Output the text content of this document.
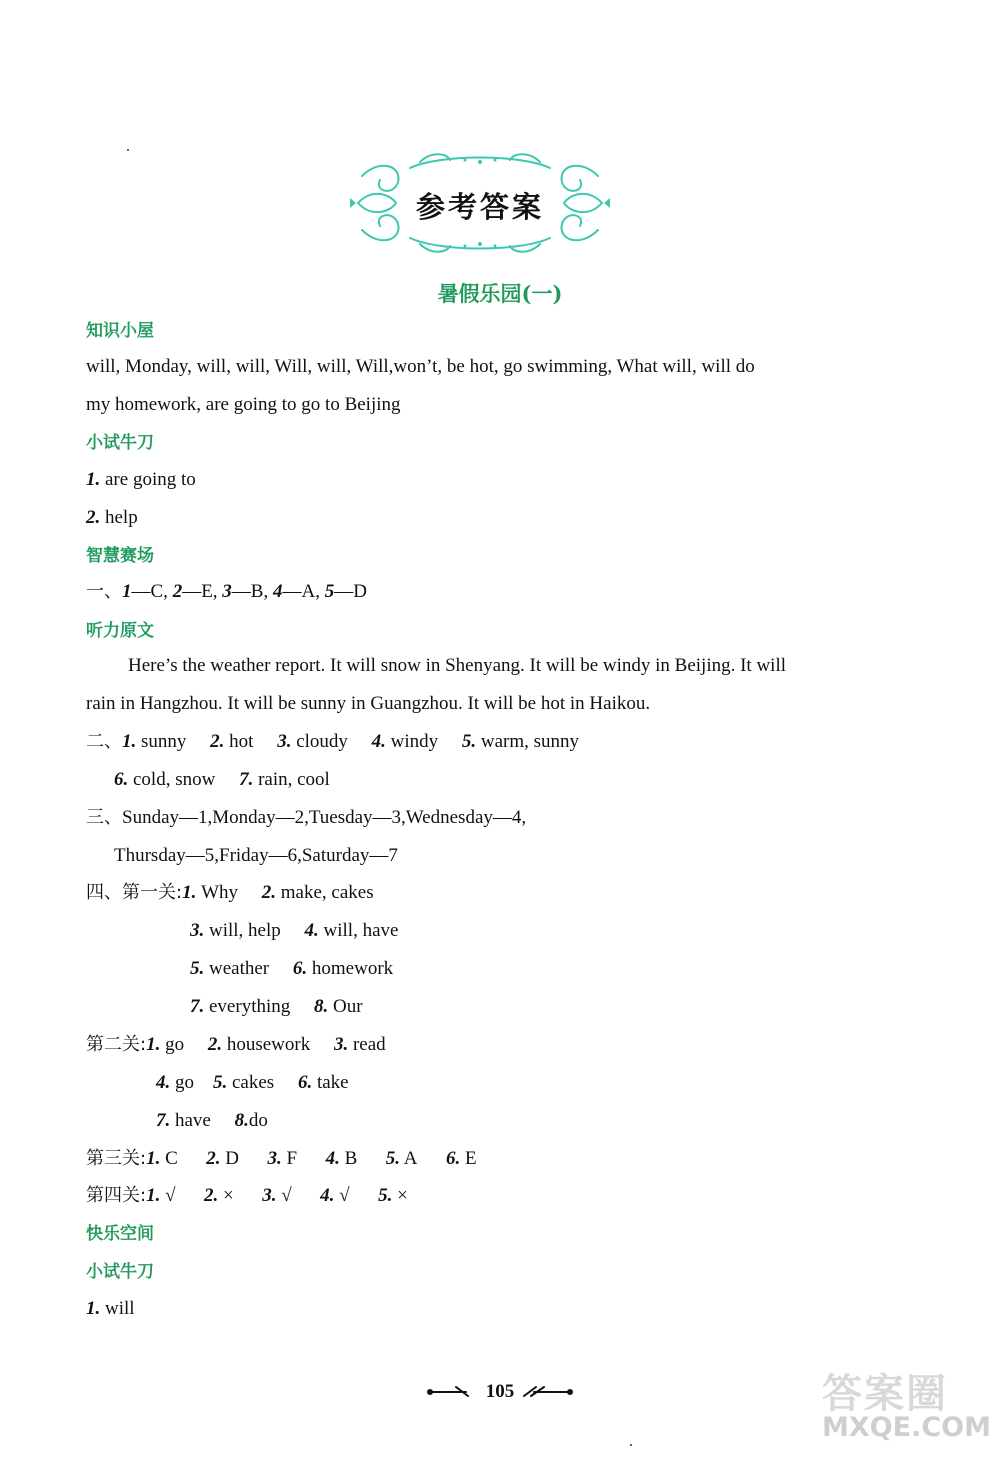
参考答案
暑假乐园(一)
知识小屋
will, Monday, will, will, Will, will, Will,won’t, be hot, go swimming, What will, will do
my homework, are going to go to Beijing
小试牛刀
1. are going to
2. help
智慧赛场
一、1—C, 2—E, 3—B, 4—A, 5—D
听力原文
Here’s the weather report. It will snow in Shenyang. It will be windy in Beijing. It will
rain in Hangzhou. It will be sunny in Guangzhou. It will be hot in Haikou.
二、1. sunny 2. hot 3. cloudy 4. windy 5. warm, sunny
6. cold, snow 7. rain, cool
三、Sunday—1,Monday—2,Tuesday—3,Wednesday—4,
Thursday—5,Friday—6,Saturday—7
四、第一关:1. Why 2. make, cakes
3. will, help 4. will, have
5. weather 6. homework
7. everything 8. Our
第二关:1. go 2. housework 3. read
4. go 5. cakes 6. take
7. have 8.do
第三关:1. C 2. D 3. F 4. B 5. A 6. E
第四关:1. √ 2. × 3. √ 4. √ 5. ×
快乐空间
小试牛刀
1. will
105	答案圈
MXQE.COM
